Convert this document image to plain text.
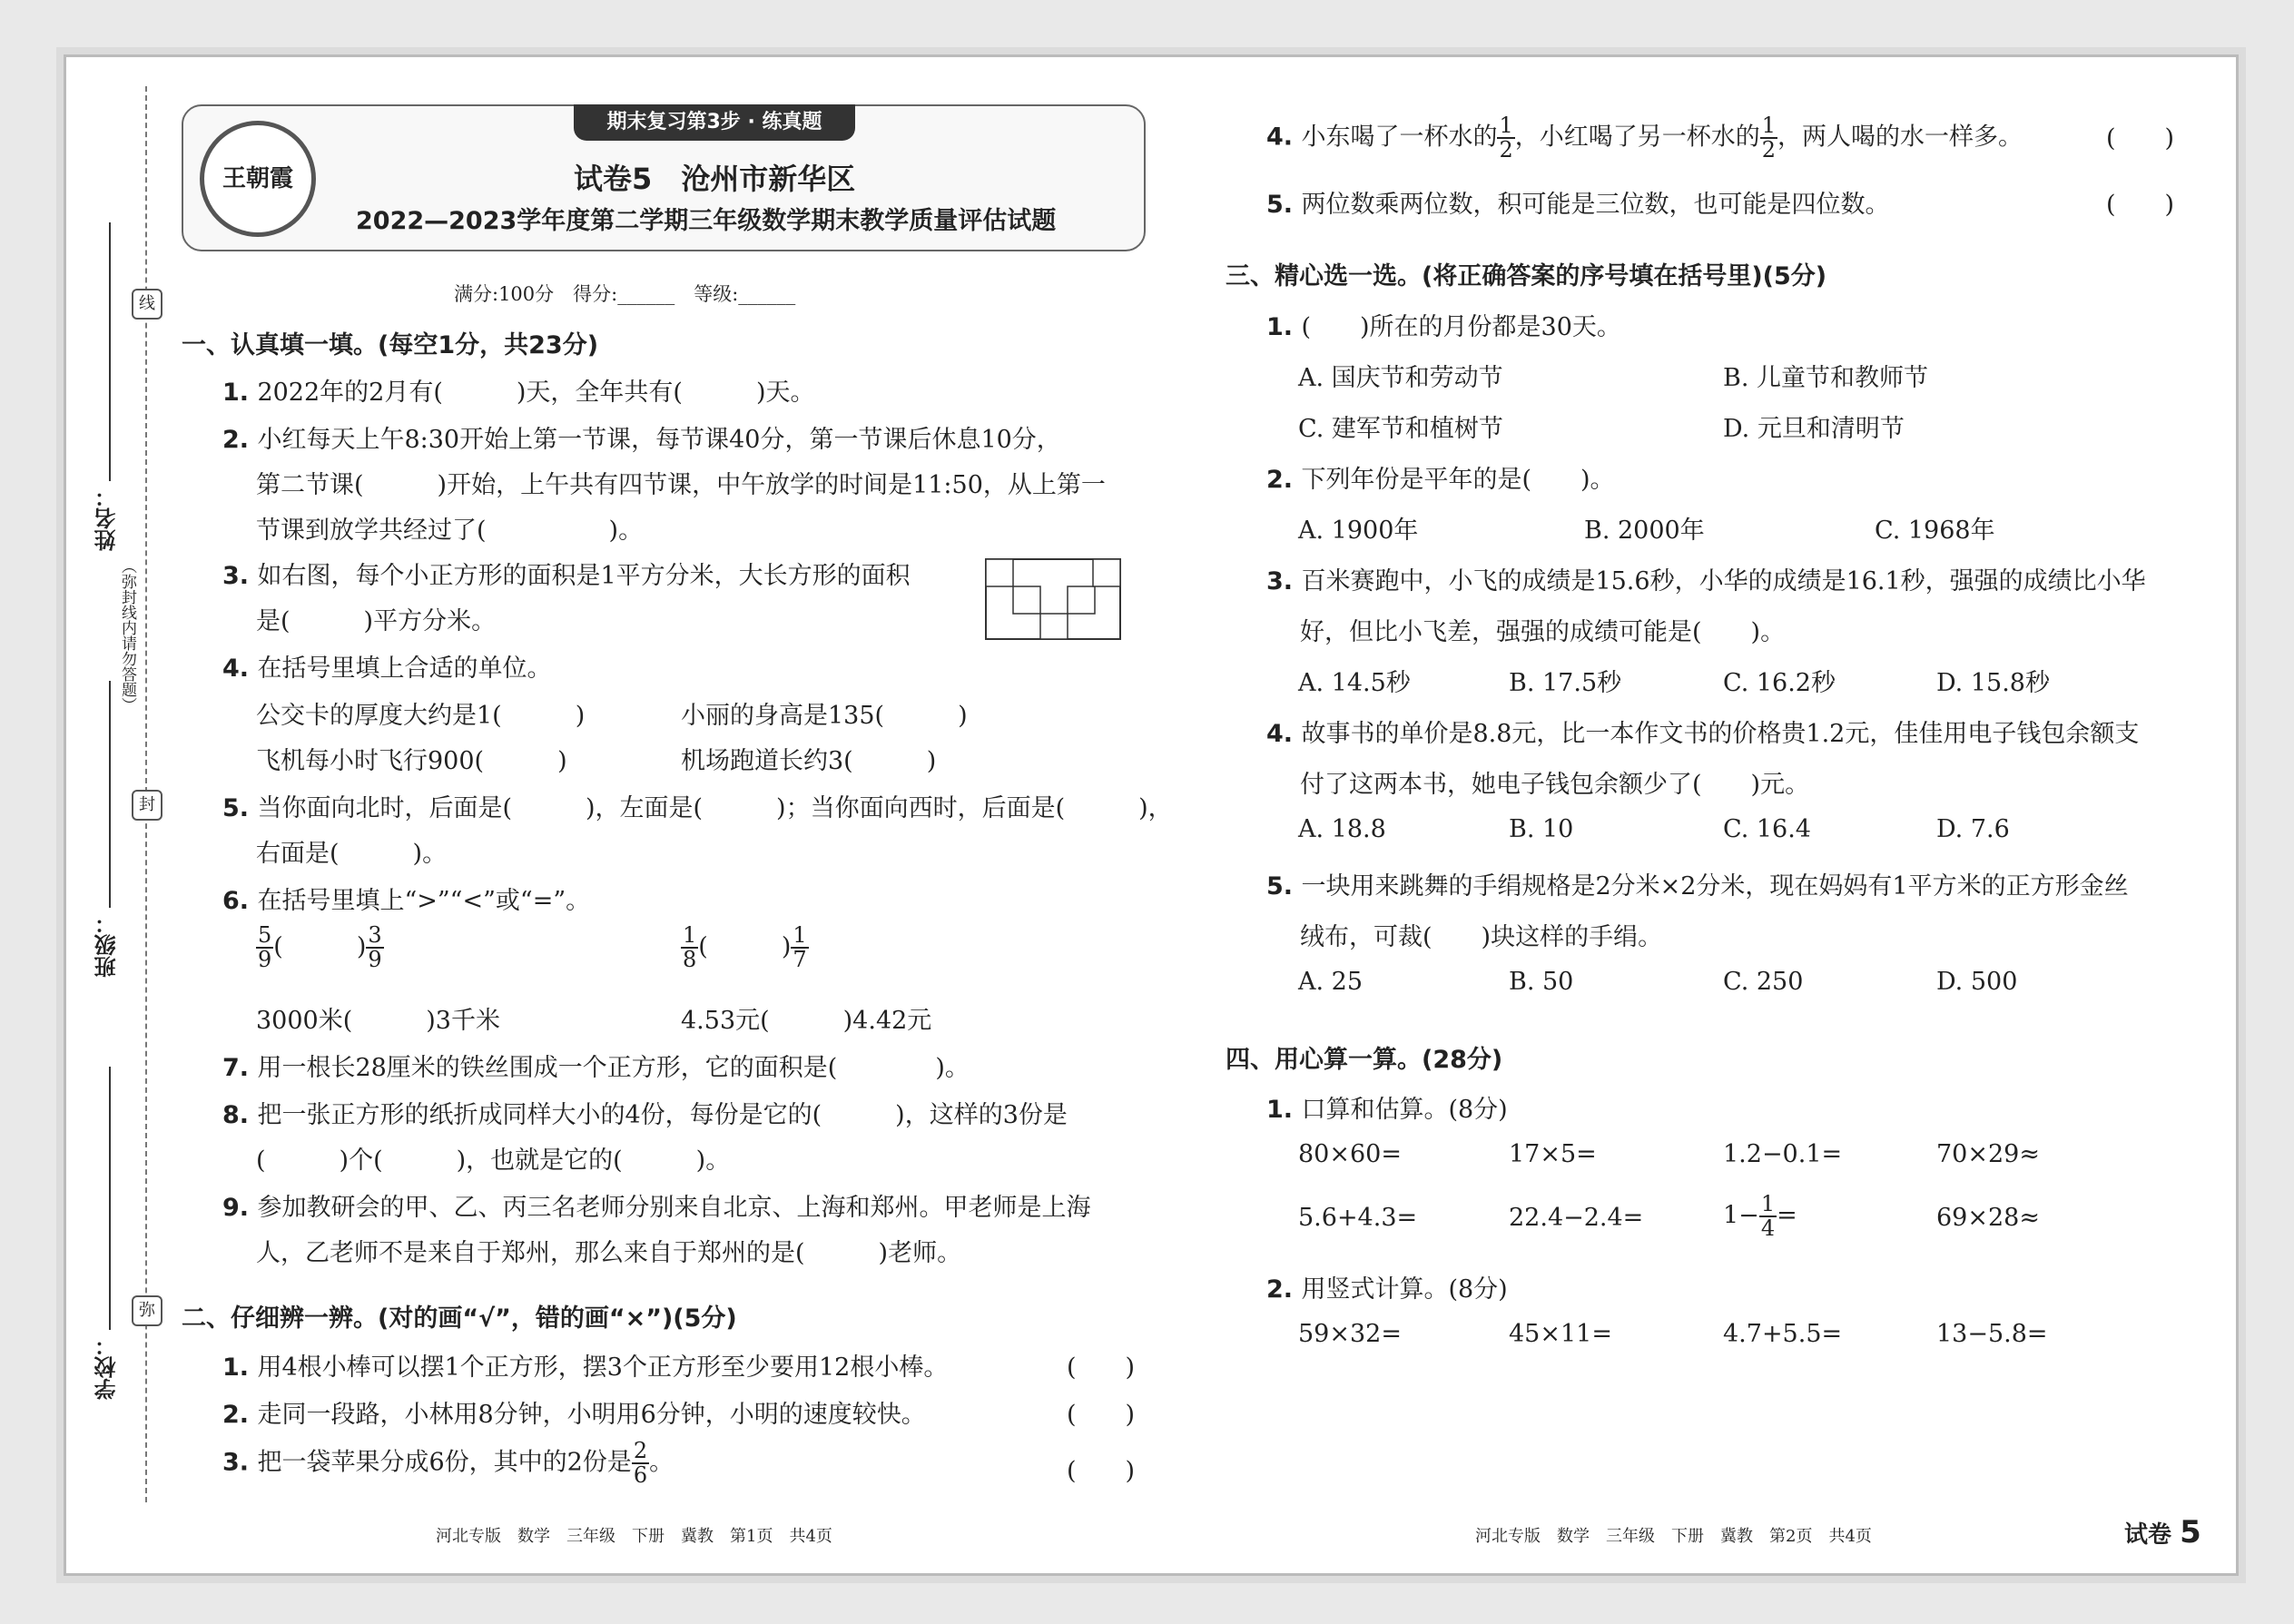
线
封
弥
（弥封线内请勿答题）
姓名：
班级：
学校：
期末复习第3步 · 练真题
王朝霞	试卷5　沧州市新华区
2022—2023学年度第二学期三年级数学期末教学质量评估试题
满分:100分　得分:______　等级:______
一、认真填一填。(每空1分，共23分)
1. 2022年的2月有(　　　)天，全年共有(　　　)天。
2. 小红每天上午8:30开始上第一节课，每节课40分，第一节课后休息10分，
第二节课(　　　)开始，上午共有四节课，中午放学的时间是11:50，从上第一
节课到放学共经过了(　　　　　)。
3. 如右图，每个小正方形的面积是1平方分米，大长方形的面积
是(　　　)平方分米。
4. 在括号里填上合适的单位。
公交卡的厚度大约是1(　　　)	小丽的身高是135(　　　)
飞机每小时飞行900(　　　)	机场跑道长约3(　　　)
5. 当你面向北时，后面是(　　　)，左面是(　　　)；当你面向西时，后面是(　　　)，
右面是(　　　)。
6. 在括号里填上“>”“<”或“=”。
$\frac{5}{9}$ (　　　) $\frac{3}{9}$	$\frac{1}{8}$ (　　　) $\frac{1}{7}$
3000米(　　　)3千米	4.53元(　　　)4.42元
7. 用一根长28厘米的铁丝围成一个正方形，它的面积是(　　　　)。
8. 把一张正方形的纸折成同样大小的4份，每份是它的(　　　)，这样的3份是
(　　　)个(　　　)，也就是它的(　　　)。
9. 参加教研会的甲、乙、丙三名老师分别来自北京、上海和郑州。甲老师是上海
人，乙老师不是来自于郑州，那么来自于郑州的是(　　　)老师。
二、仔细辨一辨。(对的画“√”，错的画“×”)(5分)
1. 用4根小棒可以摆1个正方形，摆3个正方形至少要用12根小棒。	(　　)
2. 走同一段路，小林用8分钟，小明用6分钟，小明的速度较快。	(　　)
3. 把一袋苹果分成6份，其中的2份是 $\frac{2}{6}$ 。	(　　)
河北专版　数学　三年级　下册　冀教　第1页　共4页
4. 小东喝了一杯水的 $\frac{1}{2}$ ，小红喝了另一杯水的 $\frac{1}{2}$ ，两人喝的水一样多。	(　　)
5. 两位数乘两位数，积可能是三位数，也可能是四位数。	(　　)
三、精心选一选。(将正确答案的序号填在括号里)(5分)
1. (　　)所在的月份都是30天。
A. 国庆节和劳动节	B. 儿童节和教师节
C. 建军节和植树节	D. 元旦和清明节
2. 下列年份是平年的是(　　)。
A. 1900年	B. 2000年	C. 1968年
3. 百米赛跑中，小飞的成绩是15.6秒，小华的成绩是16.1秒，强强的成绩比小华
好，但比小飞差，强强的成绩可能是(　　)。
A. 14.5秒	B. 17.5秒	C. 16.2秒	D. 15.8秒
4. 故事书的单价是8.8元，比一本作文书的价格贵1.2元，佳佳用电子钱包余额支
付了这两本书，她电子钱包余额少了(　　)元。
A. 18.8	B. 10	C. 16.4	D. 7.6
5. 一块用来跳舞的手绢规格是2分米×2分米，现在妈妈有1平方米的正方形金丝
绒布，可裁(　　)块这样的手绢。
A. 25	B. 50	C. 250	D. 500
四、用心算一算。(28分)
1. 口算和估算。(8分)
80×60=	17×5=	1.2−0.1=	70×29≈
5.6+4.3=	22.4−2.4=	$1- \frac{1}{4}$ =	69×28≈
2. 用竖式计算。(8分)
59×32=	45×11=	4.7+5.5=	13−5.8=
河北专版　数学　三年级　下册　冀教　第2页　共4页	试卷 5
